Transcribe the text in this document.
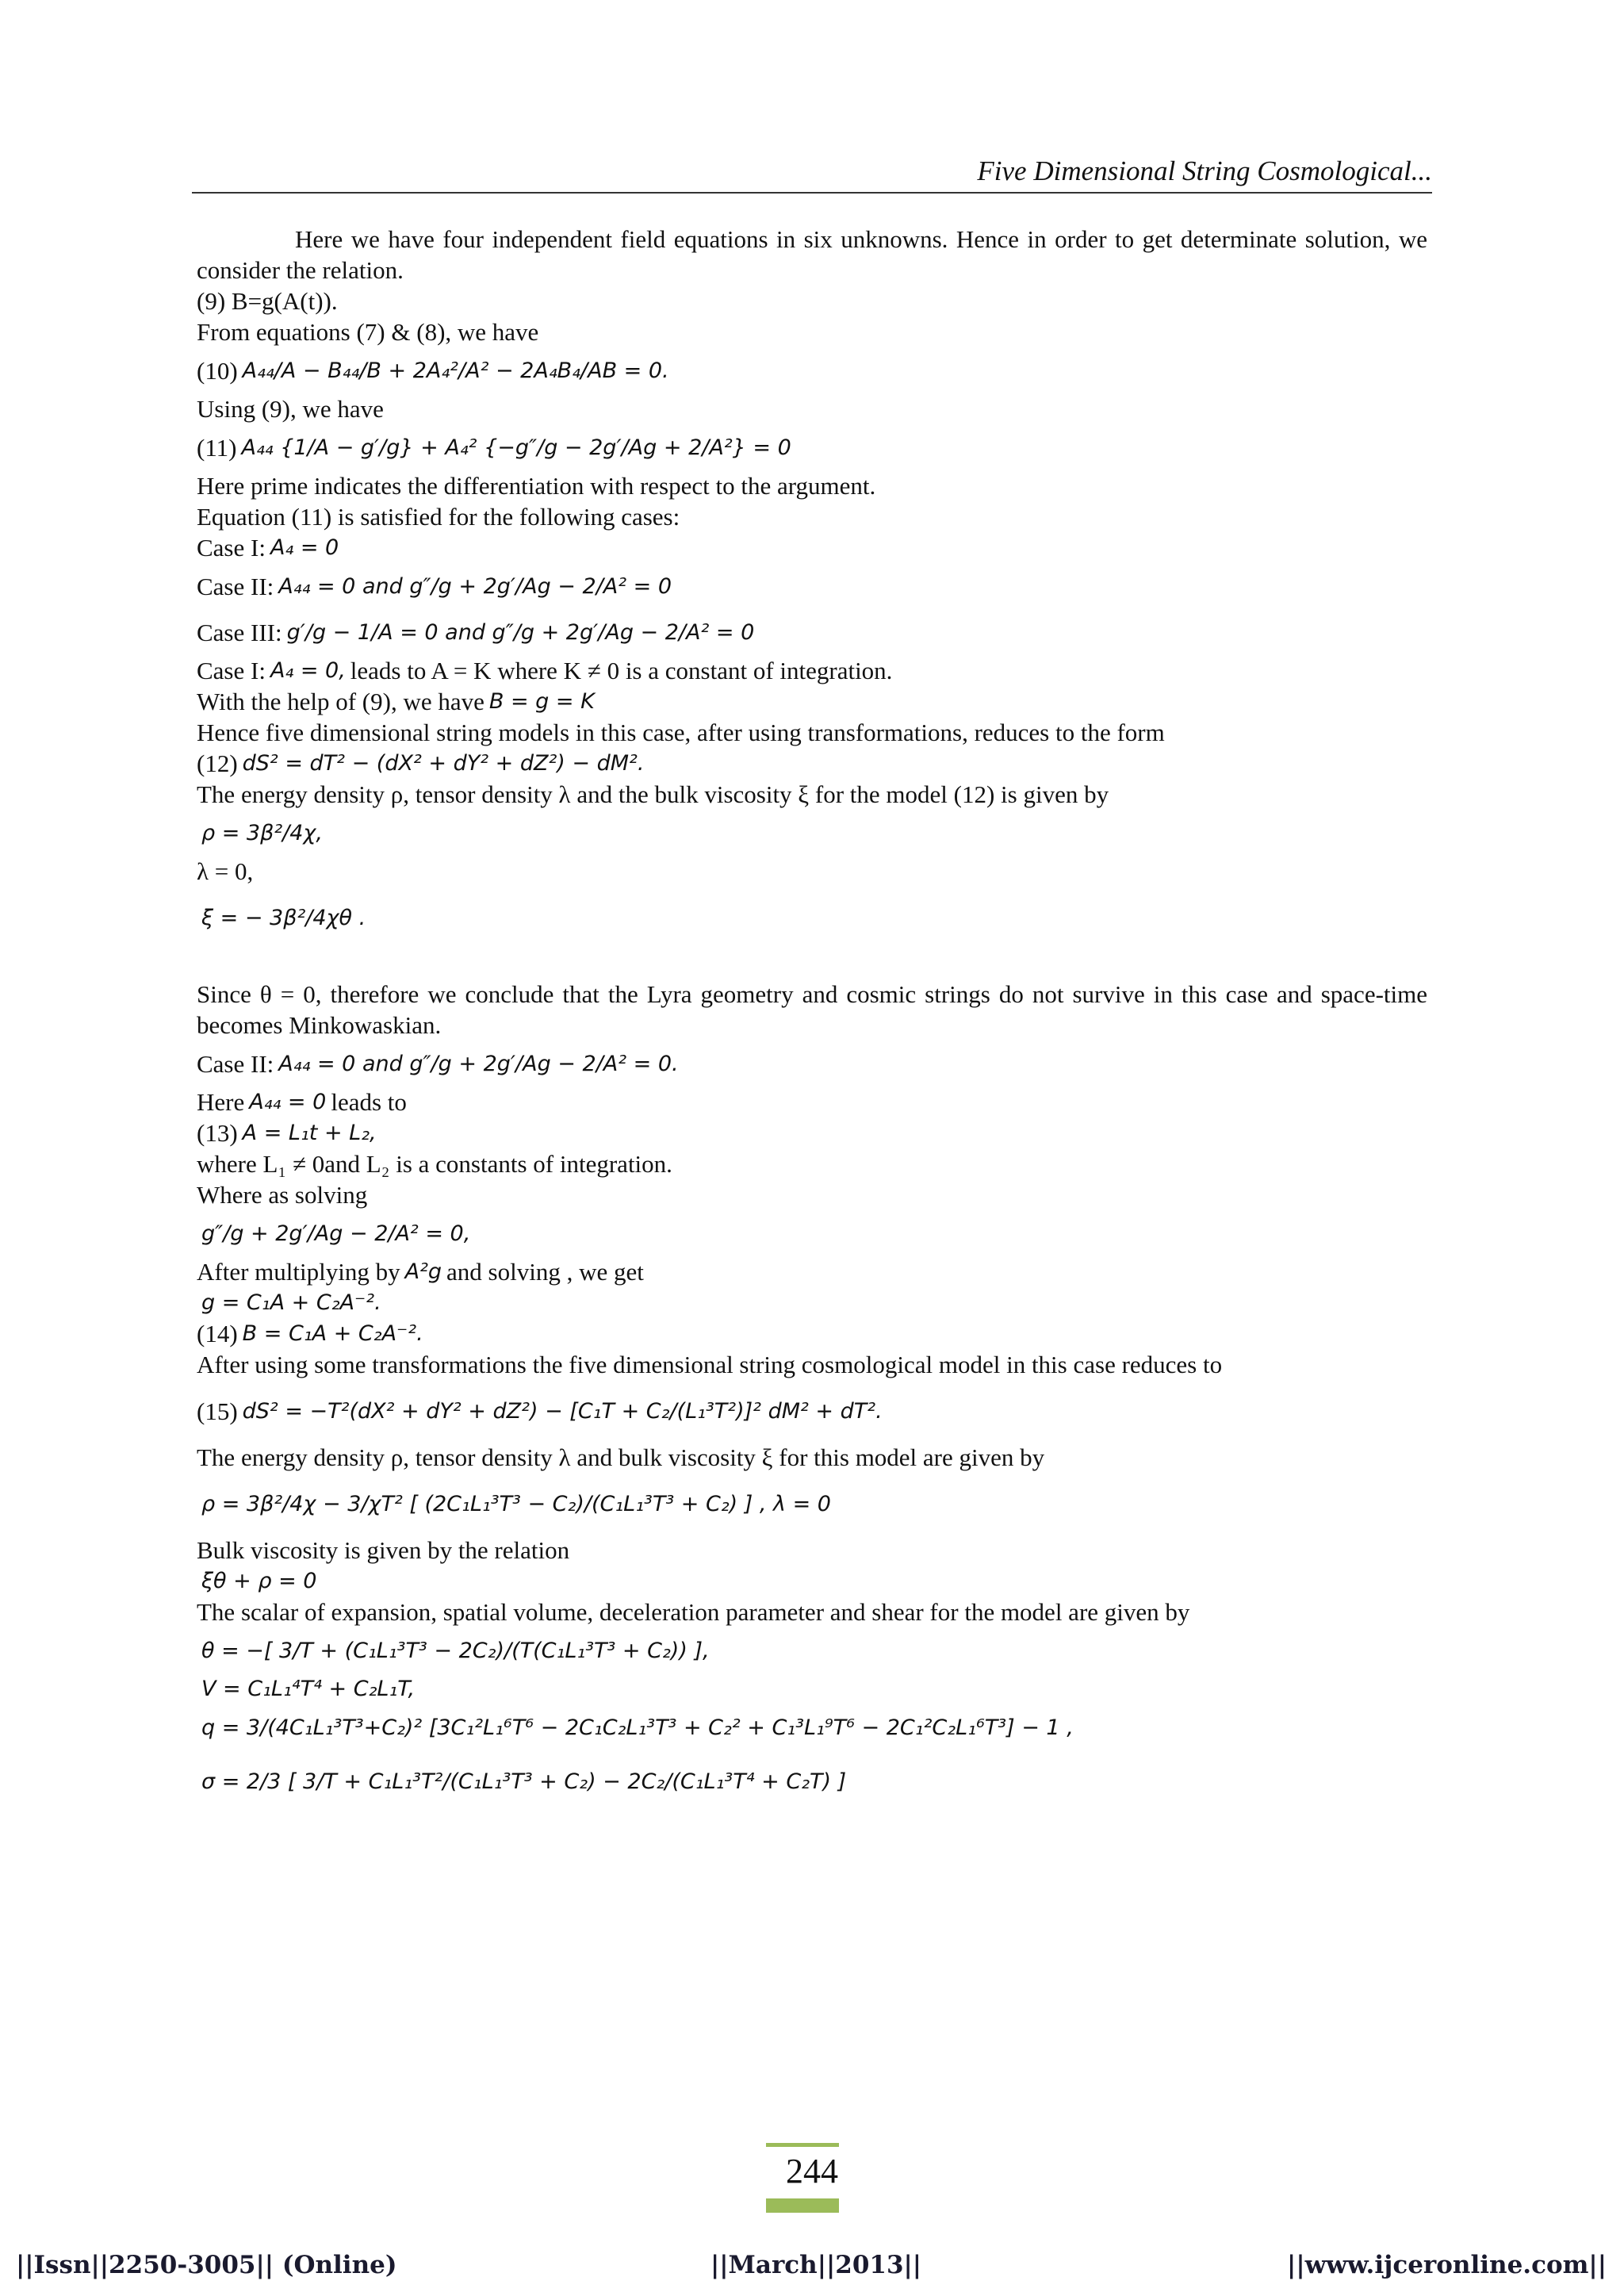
Five Dimensional String Cosmological...

Here we have four independent field equations in six unknowns. Hence in order to get determinate solution, we consider the relation.

(9) B=g(A(t)).

From equations (7) & (8), we have

(10) A₄₄/A − B₄₄/B + 2A₄²/A² − 2A₄B₄/AB = 0.

Using (9), we have

(11) A₄₄ {1/A − g′/g} + A₄² {−g″/g − 2g′/Ag + 2/A²} = 0

Here prime indicates the differentiation with respect to the argument.

Equation (11) is satisfied for the following cases:

Case I: A₄ = 0
Case II: A₄₄ = 0 and g″/g + 2g′/Ag − 2/A² = 0
Case III: g′/g − 1/A = 0 and g″/g + 2g′/Ag − 2/A² = 0
Case I: A₄ = 0, leads to A = K where K ≠ 0 is a constant of integration.
With the help of (9), we have B = g = K

Hence five dimensional string models in this case, after using transformations, reduces to the form

(12) dS² = dT² − (dX² + dY² + dZ²) − dM².

The energy density ρ, tensor density λ and the bulk viscosity ξ for the model (12) is given by

ρ = 3β²/4χ,

λ = 0,

ξ = − 3β²/4χθ .

Since θ = 0, therefore we conclude that the Lyra geometry and cosmic strings do not survive in this case and space-time becomes Minkowaskian.

Case II: A₄₄ = 0 and g″/g + 2g′/Ag − 2/A² = 0.
Here A₄₄ = 0 leads to
(13) A = L₁t + L₂,

where L₁ ≠ 0and L₂ is a constants of integration.

Where as solving

g″/g + 2g′/Ag − 2/A² = 0,
After multiplying by A²g and solving , we get
g = C₁A + C₂A⁻².
(14) B = C₁A + C₂A⁻².

After using some transformations the five dimensional string cosmological model in this case reduces to

(15) dS² = −T²(dX² + dY² + dZ²) − [C₁T + C₂/(L₁³T²)]² dM² + dT².

The energy density ρ, tensor density λ and bulk viscosity ξ for this model are given by

ρ = 3β²/4χ − 3/χT² [ (2C₁L₁³T³ − C₂)/(C₁L₁³T³ + C₂) ] , λ = 0

Bulk viscosity is given by the relation

ξθ + ρ = 0

The scalar of expansion, spatial volume, deceleration parameter and shear for the model are given by

θ = −[ 3/T + (C₁L₁³T³ − 2C₂)/(T(C₁L₁³T³ + C₂)) ],
V = C₁L₁⁴T⁴ + C₂L₁T,
q = 3/(4C₁L₁³T³+C₂)² [3C₁²L₁⁶T⁶ − 2C₁C₂L₁³T³ + C₂² + C₁³L₁⁹T⁶ − 2C₁²C₂L₁⁶T³] − 1 ,
σ = 2/3 [ 3/T + C₁L₁³T²/(C₁L₁³T³ + C₂) − 2C₂/(C₁L₁³T⁴ + C₂T) ]
244
||Issn||2250-3005|| (Online)	||March||2013||	||www.ijceronline.com||
